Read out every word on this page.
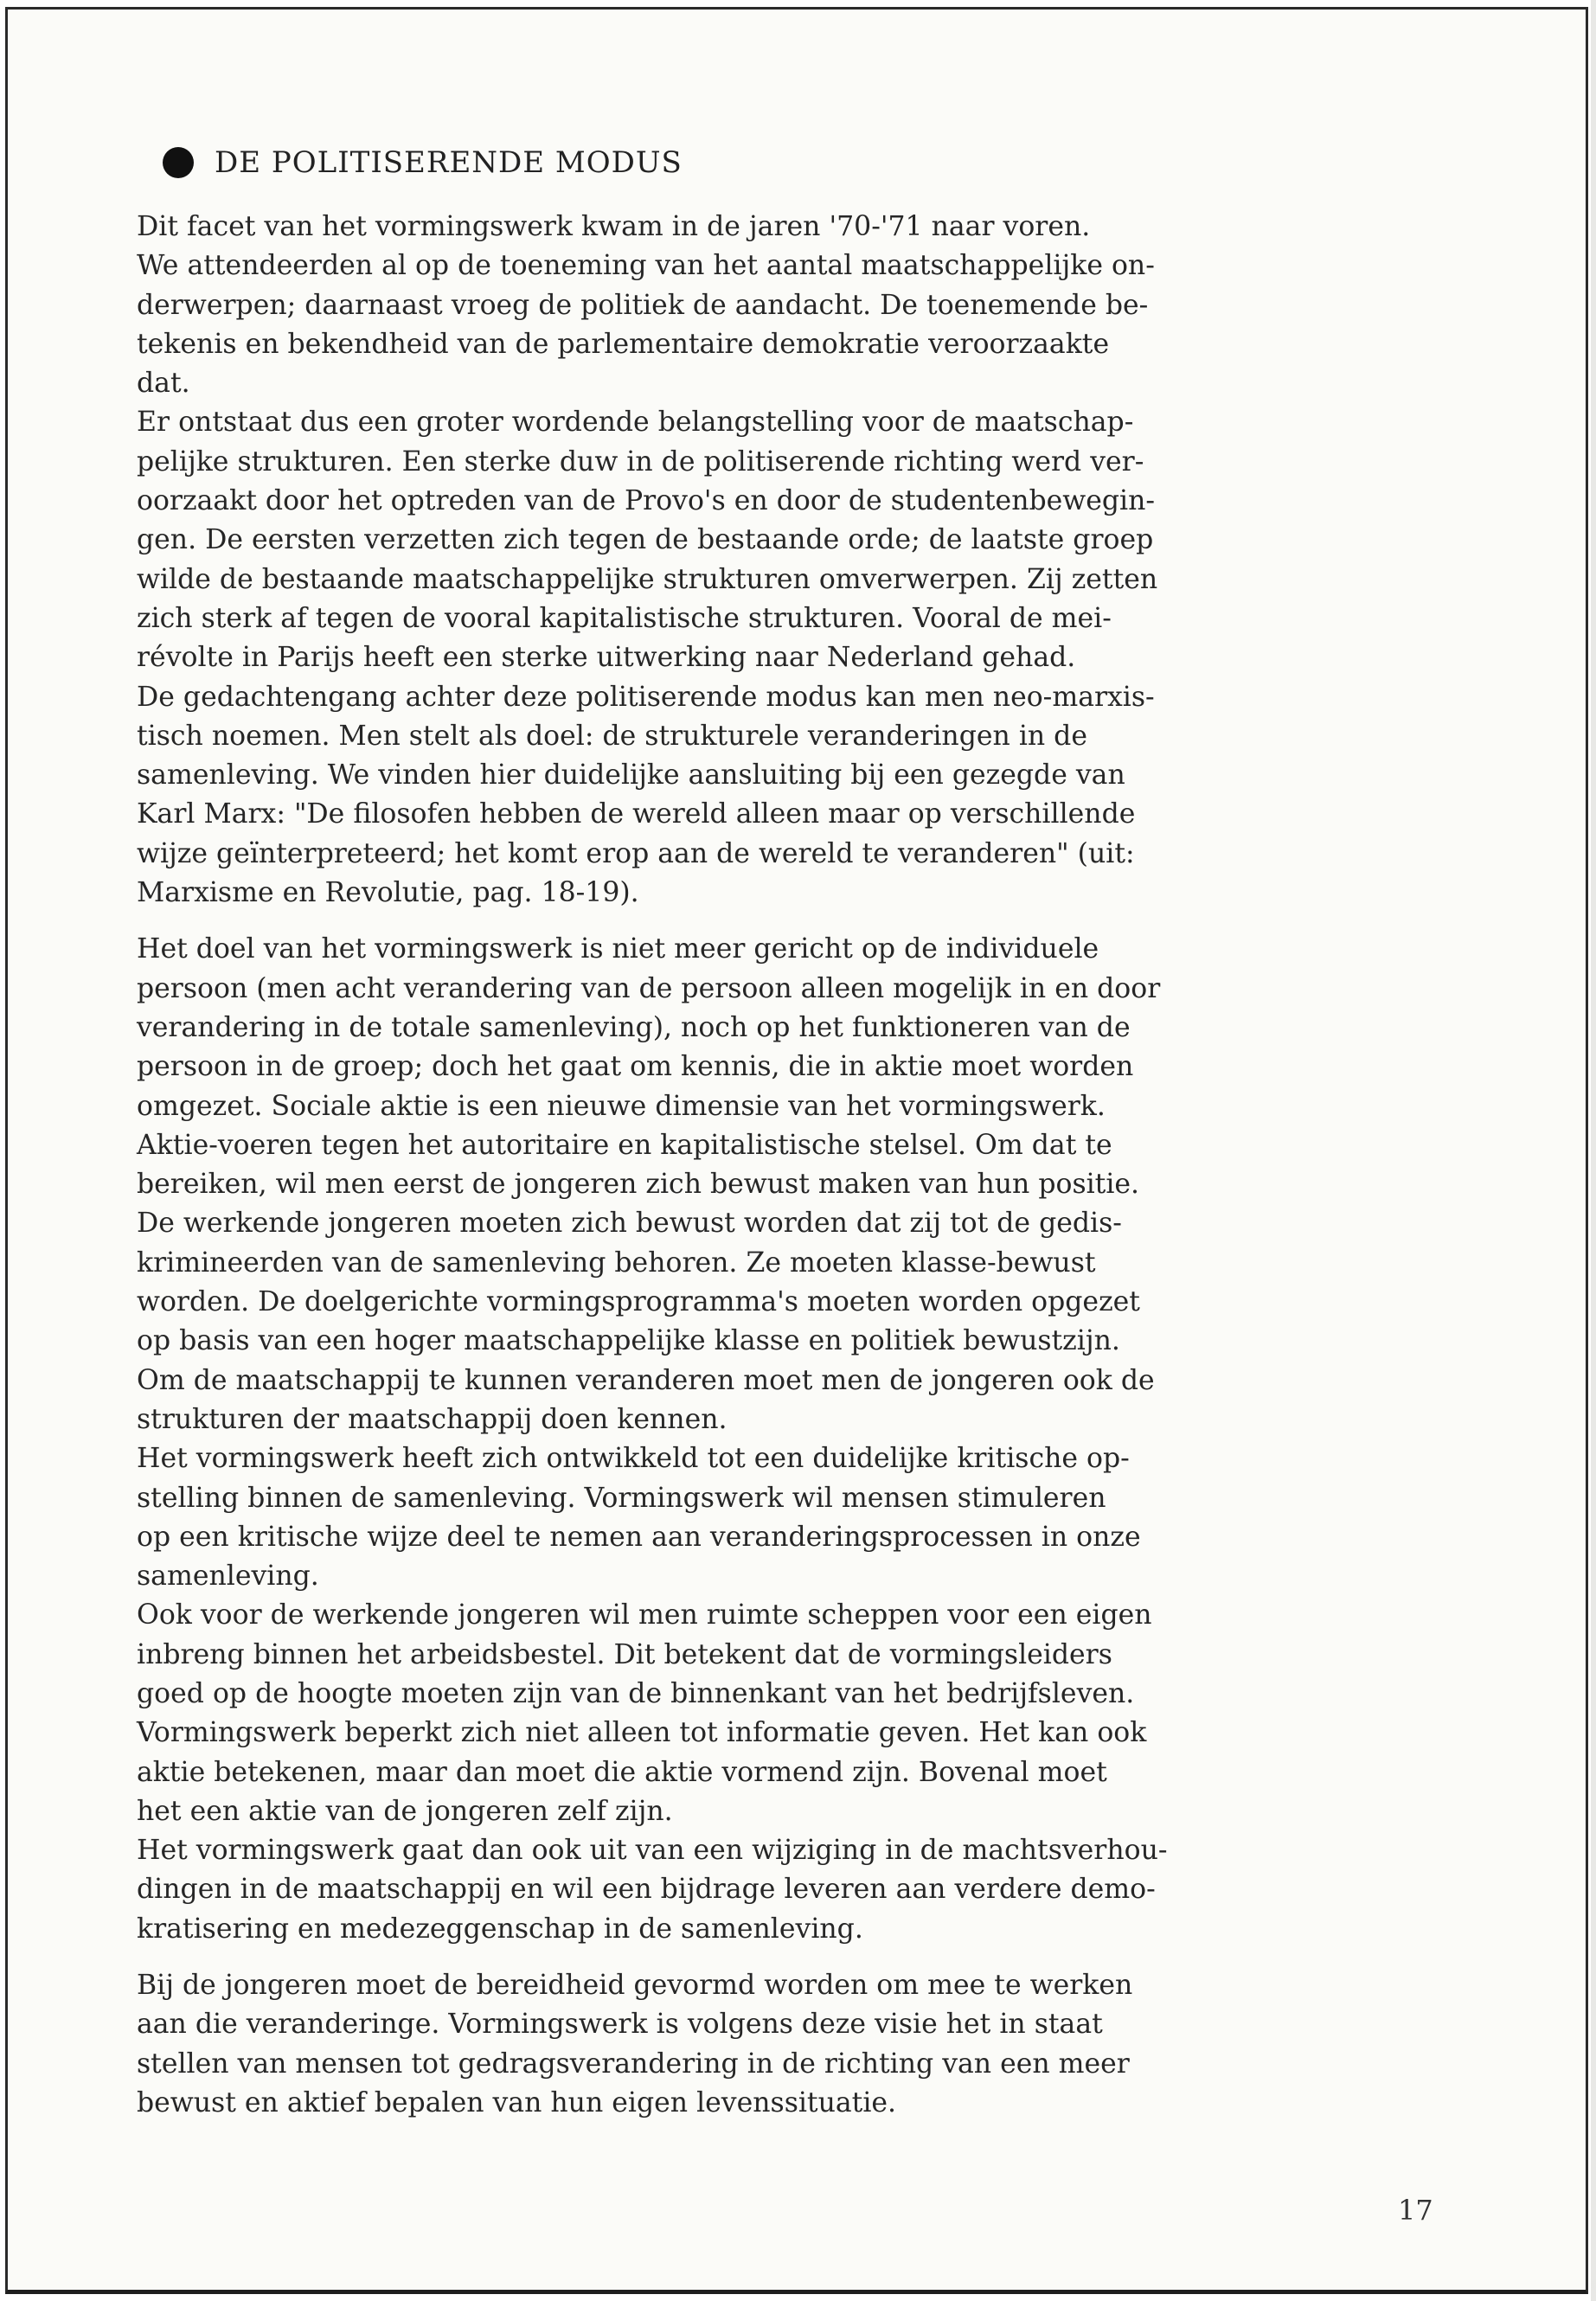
DE POLITISERENDE MODUS
Dit facet van het vormingswerk kwam in de jaren '70-'71 naar voren.
We attendeerden al op de toeneming van het aantal maatschappelijke on-
derwerpen; daarnaast vroeg de politiek de aandacht. De toenemende be-
tekenis en bekendheid van de parlementaire demokratie veroorzaakte
dat.
Er ontstaat dus een groter wordende belangstelling voor de maatschap-
pelijke strukturen. Een sterke duw in de politiserende richting werd ver-
oorzaakt door het optreden van de Provo's en door de studentenbewegin-
gen. De eersten verzetten zich tegen de bestaande orde; de laatste groep
wilde de bestaande maatschappelijke strukturen omverwerpen. Zij zetten
zich sterk af tegen de vooral kapitalistische strukturen. Vooral de mei-
révolte in Parijs heeft een sterke uitwerking naar Nederland gehad.
De gedachtengang achter deze politiserende modus kan men neo-marxis-
tisch noemen. Men stelt als doel: de strukturele veranderingen in de
samenleving. We vinden hier duidelijke aansluiting bij een gezegde van
Karl Marx: "De filosofen hebben de wereld alleen maar op verschillende
wijze geïnterpreteerd; het komt erop aan de wereld te veranderen" (uit:
Marxisme en Revolutie, pag. 18-19).
Het doel van het vormingswerk is niet meer gericht op de individuele
persoon (men acht verandering van de persoon alleen mogelijk in en door
verandering in de totale samenleving), noch op het funktioneren van de
persoon in de groep; doch het gaat om kennis, die in aktie moet worden
omgezet. Sociale aktie is een nieuwe dimensie van het vormingswerk.
Aktie-voeren tegen het autoritaire en kapitalistische stelsel. Om dat te
bereiken, wil men eerst de jongeren zich bewust maken van hun positie.
De werkende jongeren moeten zich bewust worden dat zij tot de gedis-
krimineerden van de samenleving behoren. Ze moeten klasse-bewust
worden. De doelgerichte vormingsprogramma's moeten worden opgezet
op basis van een hoger maatschappelijke klasse en politiek bewustzijn.
Om de maatschappij te kunnen veranderen moet men de jongeren ook de
strukturen der maatschappij doen kennen.
Het vormingswerk heeft zich ontwikkeld tot een duidelijke kritische op-
stelling binnen de samenleving. Vormingswerk wil mensen stimuleren
op een kritische wijze deel te nemen aan veranderingsprocessen in onze
samenleving.
Ook voor de werkende jongeren wil men ruimte scheppen voor een eigen
inbreng binnen het arbeidsbestel. Dit betekent dat de vormingsleiders
goed op de hoogte moeten zijn van de binnenkant van het bedrijfsleven.
Vormingswerk beperkt zich niet alleen tot informatie geven. Het kan ook
aktie betekenen, maar dan moet die aktie vormend zijn. Bovenal moet
het een aktie van de jongeren zelf zijn.
Het vormingswerk gaat dan ook uit van een wijziging in de machtsverhou-
dingen in de maatschappij en wil een bijdrage leveren aan verdere demo-
kratisering en medezeggenschap in de samenleving.
Bij de jongeren moet de bereidheid gevormd worden om mee te werken
aan die veranderinge. Vormingswerk is volgens deze visie het in staat
stellen van mensen tot gedragsverandering in de richting van een meer
bewust en aktief bepalen van hun eigen levenssituatie.
17
